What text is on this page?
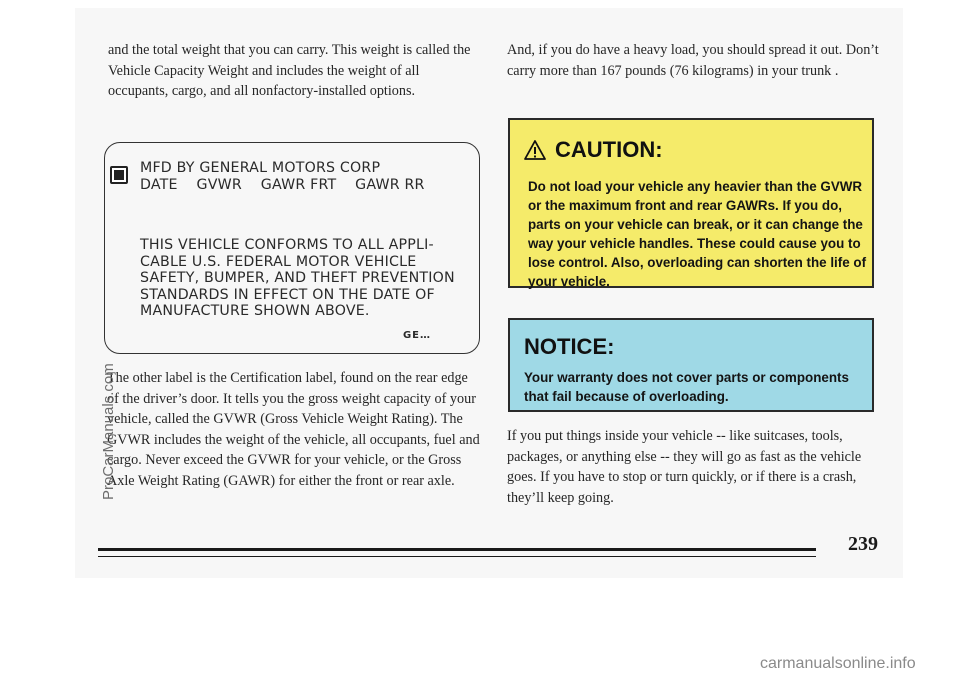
and the total weight that you can carry. This weight is called the Vehicle Capacity Weight and includes the weight of all occupants, cargo, and all nonfactory-installed options.

MFD BY GENERAL MOTORS CORP
DATE    GVWR    GAWR FRT    GAWR RR
THIS VEHICLE CONFORMS TO ALL APPLI-
CABLE U.S. FEDERAL MOTOR VEHICLE
SAFETY, BUMPER, AND THEFT PREVENTION
STANDARDS IN EFFECT ON THE DATE OF
MANUFACTURE SHOWN ABOVE.
GE…

The other label is the Certification label, found on the rear edge of the driver’s door. It tells you the gross weight capacity of your vehicle, called the GVWR (Gross Vehicle Weight Rating). The GVWR includes the weight of the vehicle, all occupants, fuel and cargo. Never exceed the GVWR for your vehicle, or the Gross Axle Weight Rating (GAWR) for either the front or rear axle.

And, if you do have a heavy load, you should spread it out. Don’t carry more than 167 pounds (76 kilograms) in your trunk .

CAUTION:
Do not load your vehicle any heavier than the GVWR or the maximum front and rear GAWRs. If you do, parts on your vehicle can break, or it can change the way your vehicle handles. These could cause you to lose control. Also, overloading can shorten the life of your vehicle.
NOTICE:
Your warranty does not cover parts or components that fail because of overloading.

If you put things inside your vehicle -- like suitcases, tools, packages, or anything else -- they will go as fast as the vehicle goes. If you have to stop or turn quickly, or if there is a crash, they’ll keep going.

239
ProCarManuals.com
carmanualsonline.info
